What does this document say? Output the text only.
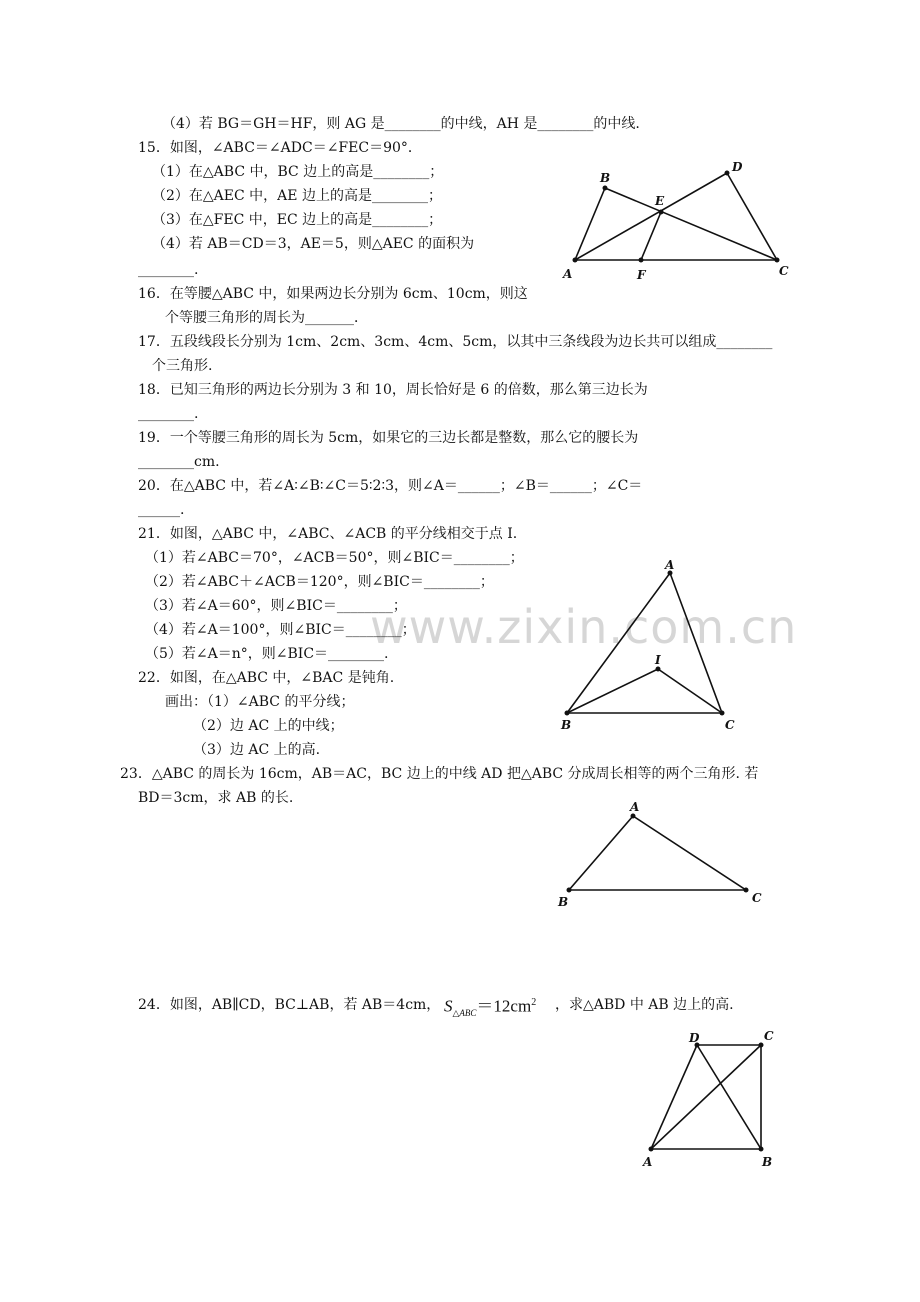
www.zixin.com.cn
（4）若 BG＝GH＝HF，则 AG 是________的中线，AH 是________的中线.
15．如图，∠ABC＝∠ADC＝∠FEC＝90°．
（1）在△ABC 中，BC 边上的高是________；
（2）在△AEC 中，AE 边上的高是________；
（3）在△FEC 中，EC 边上的高是________；
（4）若 AB＝CD＝3，AE＝5，则△AEC 的面积为
________.
16．在等腰△ABC 中，如果两边长分别为 6cm、10cm，则这
个等腰三角形的周长为_______．
17．五段线段长分别为 1cm、2cm、3cm、4cm、5cm，以其中三条线段为边长共可以组成________
个三角形.
18．已知三角形的两边长分别为 3 和 10，周长恰好是 6 的倍数，那么第三边长为
________.
19．一个等腰三角形的周长为 5cm，如果它的三边长都是整数，那么它的腰长为
________cm.
20．在△ABC 中，若∠A∶∠B∶∠C＝5∶2∶3，则∠A＝______；∠B＝______；∠C＝
______.
21．如图，△ABC 中，∠ABC、∠ACB 的平分线相交于点 I.
（1）若∠ABC＝70°，∠ACB＝50°，则∠BIC＝________；
（2）若∠ABC＋∠ACB＝120°，则∠BIC＝________；
（3）若∠A＝60°，则∠BIC＝________；
（4）若∠A＝100°，则∠BIC＝________；
（5）若∠A＝n°，则∠BIC＝________.
22．如图，在△ABC 中，∠BAC 是钝角.
画出：（1）∠ABC 的平分线；
（2）边 AC 上的中线；
（3）边 AC 上的高.
23．△ABC 的周长为 16cm，AB＝AC，BC 边上的中线 AD 把△ABC 分成周长相等的两个三角形. 若
BD＝3cm，求 AB 的长.
24．如图，AB∥CD，BC⊥AB，若 AB＝4cm， $S_{\triangle ABC}=12cm^2$ ，求△ABD 中 AB 边上的高.
A
B
C
D
E
F
A
B	C
I
A
B	C
A	B
C
D
